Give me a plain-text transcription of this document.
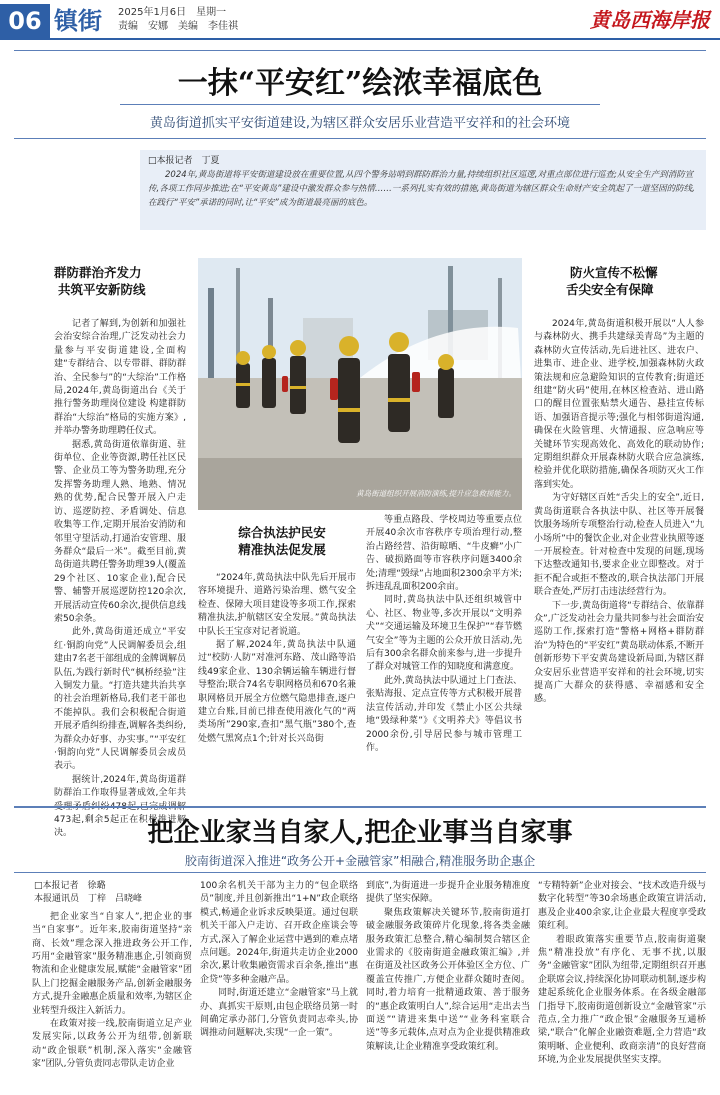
06 镇街 2025年1月6日　星期一
责编　安娜　美编　李佳祺	黄岛西海岸报
一抹“平安红”绘浓幸福底色
黄岛街道抓实平安街道建设,为辖区群众安居乐业营造平安祥和的社会环境
□本报记者　丁夏
2024年,黄岛街道将平安街道建设放在重要位置,从四个警务站哨到群防群治力量,持续组织社区巡逻,对重点部位进行巡查;从安全生产到消防宣传,各项工作同步推进;在“平安黄岛”建设中激发群众参与热情……一系列扎实有效的措施,黄岛街道为辖区群众生命财产安全筑起了一道坚固的防线,在践行“平安”承诺的同时,让“平安”成为街道最亮丽的底色。
群防群治齐发力
共筑平安新防线
防火宣传不松懈
舌尖安全有保障
综合执法护民安
精准执法促发展
黄岛街道组织开展消防演练,提升应急救援能力。

记者了解到,为创新和加强社会治安综合治理,广泛发动社会力量参与平安街道建设,全面构建“专群结合、以专带群、群防群治、全民参与”的“大综治”工作格局,2024年,黄岛街道出台《关于推行警务助理岗位建设 构建群防群治“大综治”格局的实施方案》,并举办警务助理聘任仪式。

据悉,黄岛街道依靠街道、驻街单位、企业等资源,聘任社区民警、企业员工等为警务助理,充分发挥警务助理人熟、地熟、情况熟的优势,配合民警开展入户走访、巡逻防控、矛盾调处、信息收集等工作,定期开展治安消防和邻里守望活动,打通治安管理、服务群众“最后一米”。截至目前,黄岛街道共聘任警务助理39人(覆盖29个社区、10家企业),配合民警、辅警开展巡逻防控120余次,开展活动宣传60余次,提供信息线索50余条。

此外,黄岛街道还成立“平安红·铜韵向党”人民调解委员会,组建由7名老干部组成的金牌调解员队伍,为践行新时代“枫桥经验”注入铜发力量。“打造共建共治共享的社会治理新格局,我们老干部也不能掉队。我们会积极配合街道开展矛盾纠纷排查,调解各类纠纷,为群众办好事、办实事。”“平安红·铜韵向党”人民调解委员会成员表示。

据统计,2024年,黄岛街道群防群治工作取得显著成效,全年共 473起,剩余5起正在积极推进解决。

“2024年,黄岛执法中队先后开展市容环境提升、道路污染治理、燃气安全检查、保障大项目建设等多项工作,探索精准执法,护航辖区安全发展。”黄岛执法中队长王宝彦对记者说道。

据了解,2024年,黄岛执法中队通过“校防·人防”对准河东路、茂山路等沿线49家企业、130余辆运输车辆进行督导整治;联合74名专职网格员和670名兼职网格员开展全方位燃气隐患排查,逐户建立台账,目前已排查使用液化气的“两类场所”290家,查扣“黑气瓶”380个,查处燃气黑窝点1个;针对长兴岛街

等重点路段、学校周边等重要点位开展40余次市容秩序专项治理行动,整治占路经营、沿街晾晒、“牛皮癣”小广告、破损路面等市容秩序问题3400余处;清理“毁绿”占地面积2300余平方米;拆违乱乱面积200余亩。

同时,黄岛执法中队还组织城管中心、社区、物业等,多次开展以“文明养犬”“交通运输及环境卫生保护”“春节燃气安全”等为主题的公众开放日活动,先后有300余名群众前来参与,进一步提升了群众对城管工作的知晓度和满意度。

此外,黄岛执法中队通过上门查法、张贴海报、定点宣传等方式积极开展普法宣传活动,并印发《禁止小区公共绿地“毁绿种菜”》《文明养犬》等倡议书2000余份,引导居民参与城市管理工作。

2024年,黄岛街道积极开展以“人人参与森林防火、携手共建绿美青岛”为主题的森林防火宣传活动,先后进社区、进农户、进集市、进企业、进学校,加强森林防火政策法规和应急避险知识的宣传教育;街道还组建“防火码”使用,在林区检查站、进山路口的醒目位置张贴禁火通告、悬挂宣传标语、加强语音提示等;强化与相邻街道沟通,确保在火险管理、火情通报、应急响应等关键环节实现高效化、高效化的联动协作;定期组织群众开展森林防火联合应急演练,检验并优化联防措施,确保各项防灭火工作落到实处。

为守好辖区百姓“舌尖上的安全”,近日,黄岛街道联合各执法中队、社区等开展餐饮服务场所专项整治行动,检查人员进入“九小场所”中的餐饮企业,对企业营业执照等逐一开展检查。针对检查中发现的问题,现场下达整改通知书,要求企业立即整改。对于拒不配合或拒不整改的,联合执法部门开展联合查处,严厉打击违法经营行为。

下一步,黄岛街道将“专群结合、依靠群众”,广泛发动社会力量共同参与社会面治安巡防工作,探索打造“警格+网格+群防群治”为特色的“平安红”黄岛联动体系,不断开创新形势下平安黄岛建设新局面,为辖区群众安居乐业营造平安祥和的社会环境,切实提高广大群众的获得感、幸福感和安全感。

把企业家当自家人,把企业事当自家事
胶南街道深入推进“政务公开+金融管家”相融合,精准服务助企惠企
□本报记者　徐璐
本报通讯员　丁梓　吕晓峰

把企业家当“自家人”,把企业的事当“自家事”。近年来,胶南街道坚持“亲商、长效”理念深入推进政务公开工作,巧用“金融管家”服务精准惠企,引领商贸物流和企业健康发展,赋能“金融管家”团队上门挖掘金融服务产品,创新金融服务方式,提升金融惠企质量和效率,为辖区企业转型升级注入新活力。

在政策对接一线,胶南街道立足产业发展实际,以政务公开为纽带,创新联动“政企银联”机制,深入落实“金融管家”团队,分管负责同志带队走访企业

100余名机关干部为主力的“包企联络员”制度,并且创新推出“1+N”政企联络模式,畅通企业诉求反映渠道。通过包联机关干部入户走访、召开政企座谈会等方式,深入了解企业运营中遇到的难点堵点问题。2024年,街道共走访企业2000余次,累计收集融资需求百余条,推出“惠企贷”等多种金融产品。

同时,街道还建立“金融管家”马上就办、真抓实干原则,由包企联络员第一时间确定承办部门,分管负责同志牵头,协调推动问题解决,实现“一企一策”。

到底”,为街道进一步提升企业服务精准度提供了坚实保障。

聚焦政策解决关键环节,胶南街道打破金融服务政策碎片化现象,将各类金融服务政策汇总整合,精心编制契合辖区企业需求的《胶南街道金融政策汇编》,并在街道及社区政务公开体验区全方位、广覆盖宣传推广,方便企业群众随时查阅。同时,着力培育一批精通政策、善于服务的“惠企政策明白人”,综合运用“走出去当面送”“请进来集中送”“业务科室联合送”等多元载体,点对点为企业提供精准政策解读,让企业精准享受政策红利。

“专精特新”企业对接会、“技术改造升级与数字化转型”等30余场惠企政策宣讲活动,惠及企业400余家,让企业最大程度享受政策红利。

着眼政策落实重要节点,胶南街道聚焦“精准投放”有序化、无事不扰,以服务“金融管家”团队为纽带,定期组织召开惠企联席会议,持续深化协同联动机制,逐步构建起系统化企业服务体系。在各级金融部门指导下,胶南街道创新设立“金融管家”示范点,全力推广“政企银”金融服务互通桥梁,“联合”化解企业融资难题,全力营造“政策明晰、企业便利、政商亲清”的良好营商环境,为企业发展提供坚实支撑。
